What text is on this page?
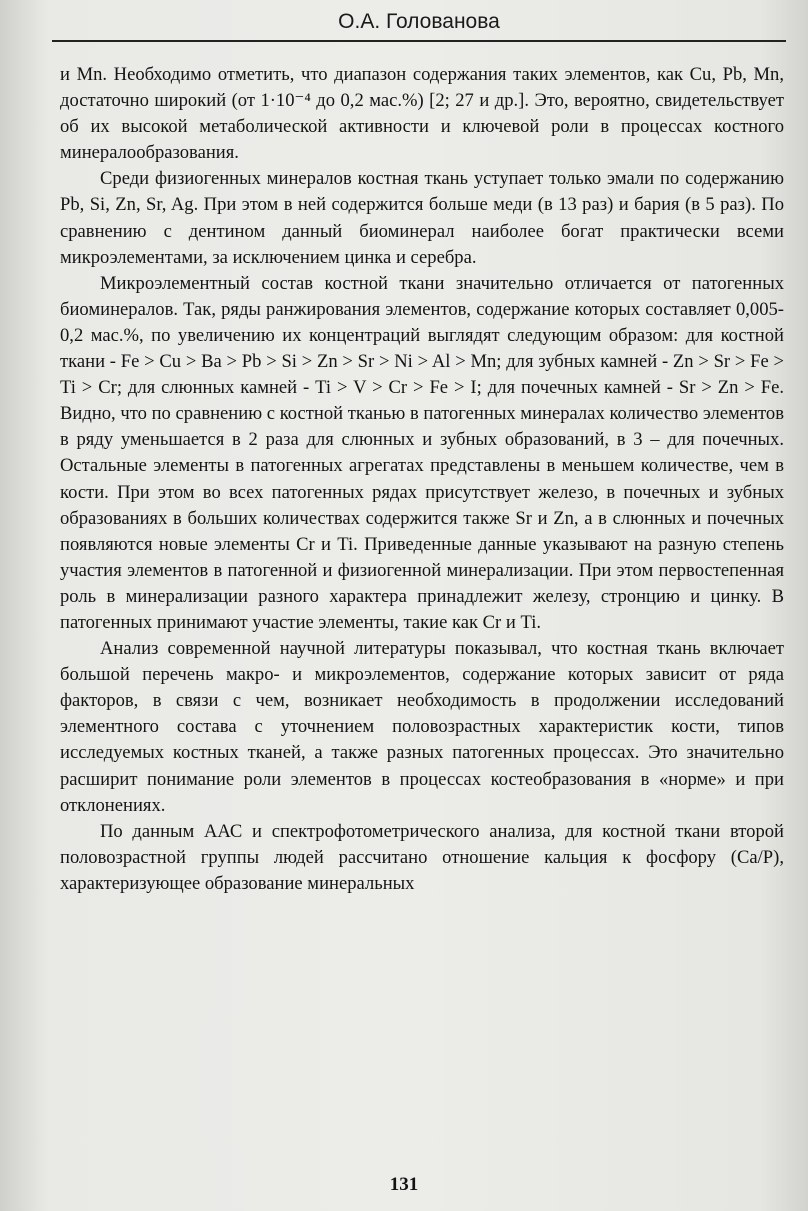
О.А. Голованова

и Mn. Необходимо отметить, что диапазон содержания таких элементов, как Cu, Pb, Mn, достаточно широкий (от 1·10⁻⁴ до 0,2 мас.%) [2; 27 и др.]. Это, вероятно, свидетельствует об их высокой метаболической активности и ключевой роли в процессах костного минералообразования.

Среди физиогенных минералов костная ткань уступает только эмали по содержанию Pb, Si, Zn, Sr, Ag. При этом в ней содержится больше меди (в 13 раз) и бария (в 5 раз). По сравнению с дентином данный биоминерал наиболее богат практически всеми микроэлементами, за исключением цинка и серебра.

Микроэлементный состав костной ткани значительно отличается от патогенных биоминералов. Так, ряды ранжирования элементов, содержание которых составляет 0,005-0,2 мас.%, по увеличению их концентраций выглядят следующим образом: для костной ткани - Fe > Cu > Ba > Pb > Si > Zn > Sr > Ni > Al > Mn; для зубных камней - Zn > Sr > Fe > Ti > Cr; для слюнных камней - Ti > V > Cr > Fe > I; для почечных камней - Sr > Zn > Fe. Видно, что по сравнению с костной тканью в патогенных минералах количество элементов в ряду уменьшается в 2 раза для слюнных и зубных образований, в 3 – для почечных. Остальные элементы в патогенных агрегатах представлены в меньшем количестве, чем в кости. При этом во всех патогенных рядах присутствует железо, в почечных и зубных образованиях в больших количествах содержится также Sr и Zn, а в слюнных и почечных появляются новые элементы Cr и Ti. Приведенные данные указывают на разную степень участия элементов в патогенной и физиогенной минерализации. При этом первостепенная роль в минерализации разного характера принадлежит железу, стронцию и цинку. В патогенных принимают участие элементы, такие как Cr и Ti.

Анализ современной научной литературы показывал, что костная ткань включает большой перечень макро- и микроэлементов, содержание которых зависит от ряда факторов, в связи с чем, возникает необходимость в продолжении исследований элементного состава с уточнением половозрастных характеристик кости, типов исследуемых костных тканей, а также разных патогенных процессах. Это значительно расширит понимание роли элементов в процессах костеобразования в «норме» и при отклонениях.

По данным ААС и спектрофотометрического анализа, для костной ткани второй половозрастной группы людей рассчитано отношение кальция к фосфору (Ca/P), характеризующее образование минеральных

131
